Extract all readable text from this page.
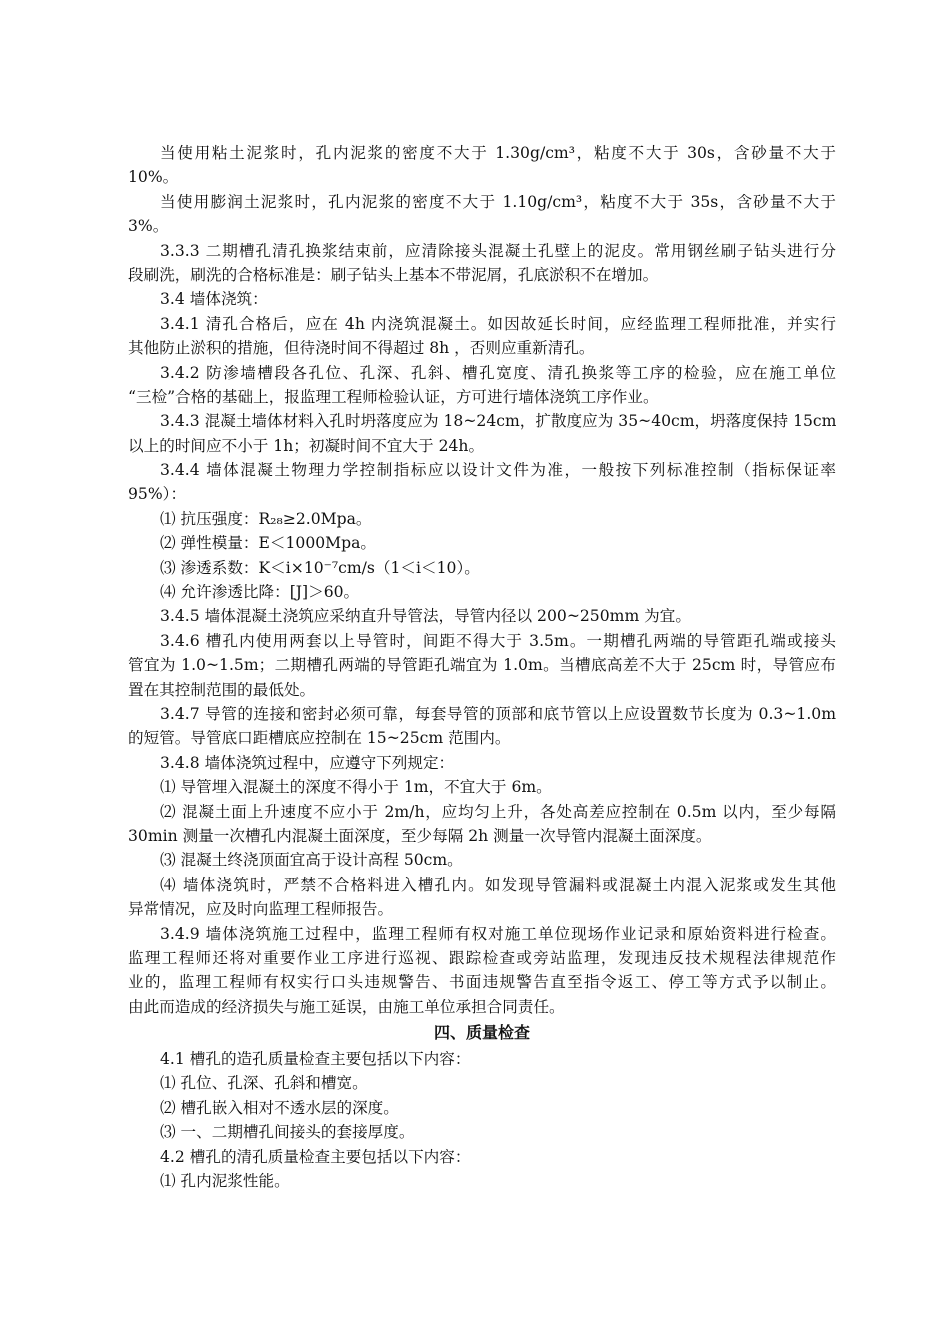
当使用粘土泥浆时，孔内泥浆的密度不大于 1.30g/cm³，粘度不大于 30s，含砂量不大于
10%。
当使用膨润土泥浆时，孔内泥浆的密度不大于 1.10g/cm³，粘度不大于 35s，含砂量不大于
3%。
3.3.3 二期槽孔清孔换浆结束前，应清除接头混凝土孔壁上的泥皮。常用钢丝刷子钻头进行分
段刷洗，刷洗的合格标准是：刷子钻头上基本不带泥屑，孔底淤积不在增加。
3.4 墙体浇筑：
3.4.1 清孔合格后，应在 4h 内浇筑混凝土。如因故延长时间，应经监理工程师批准，并实行
其他防止淤积的措施，但待浇时间不得超过 8h ，否则应重新清孔。
3.4.2 防渗墙槽段各孔位、孔深、孔斜、槽孔宽度、清孔换浆等工序的检验，应在施工单位
“三检”合格的基础上，报监理工程师检验认证，方可进行墙体浇筑工序作业。
3.4.3 混凝土墙体材料入孔时坍落度应为 18~24cm，扩散度应为 35~40cm，坍落度保持 15cm
以上的时间应不小于 1h；初凝时间不宜大于 24h。
3.4.4 墙体混凝土物理力学控制指标应以设计文件为准，一般按下列标准控制（指标保证率
95%）：
⑴ 抗压强度：R₂₈≥2.0Mpa。
⑵ 弹性模量：E＜1000Mpa。
⑶ 渗透系数：K＜i×10⁻⁷cm/s（1＜i＜10）。
⑷ 允许渗透比降：[J]＞60。
3.4.5 墙体混凝土浇筑应采纳直升导管法，导管内径以 200~250mm 为宜。
3.4.6 槽孔内使用两套以上导管时，间距不得大于 3.5m。一期槽孔两端的导管距孔端或接头
管宜为 1.0~1.5m；二期槽孔两端的导管距孔端宜为 1.0m。当槽底高差不大于 25cm 时，导管应布
置在其控制范围的最低处。
3.4.7 导管的连接和密封必须可靠，每套导管的顶部和底节管以上应设置数节长度为 0.3~1.0m
的短管。导管底口距槽底应控制在 15~25cm 范围内。
3.4.8 墙体浇筑过程中，应遵守下列规定：
⑴ 导管埋入混凝土的深度不得小于 1m，不宜大于 6m。
⑵ 混凝土面上升速度不应小于 2m/h，应均匀上升，各处高差应控制在 0.5m 以内，至少每隔
30min 测量一次槽孔内混凝土面深度，至少每隔 2h 测量一次导管内混凝土面深度。
⑶ 混凝土终浇顶面宜高于设计高程 50cm。
⑷ 墙体浇筑时，严禁不合格料进入槽孔内。如发现导管漏料或混凝土内混入泥浆或发生其他
异常情况，应及时向监理工程师报告。
3.4.9 墙体浇筑施工过程中，监理工程师有权对施工单位现场作业记录和原始资料进行检查。
监理工程师还将对重要作业工序进行巡视、跟踪检查或旁站监理，发现违反技术规程法律规范作
业的，监理工程师有权实行口头违规警告、书面违规警告直至指令返工、停工等方式予以制止。
由此而造成的经济损失与施工延误，由施工单位承担合同责任。
四、质量检查
4.1 槽孔的造孔质量检查主要包括以下内容：
⑴ 孔位、孔深、孔斜和槽宽。
⑵ 槽孔嵌入相对不透水层的深度。
⑶ 一、二期槽孔间接头的套接厚度。
4.2 槽孔的清孔质量检查主要包括以下内容：
⑴ 孔内泥浆性能。
